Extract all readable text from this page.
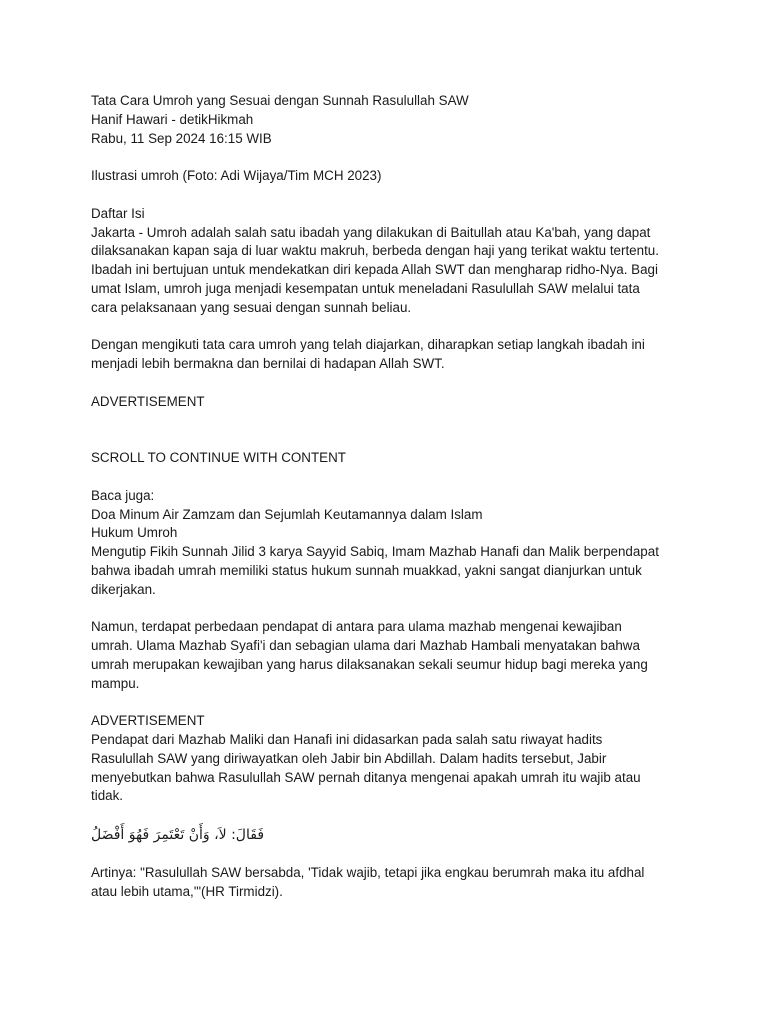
Tata Cara Umroh yang Sesuai dengan Sunnah Rasulullah SAW
Hanif Hawari - detikHikmah
Rabu, 11 Sep 2024 16:15 WIB
Ilustrasi umroh (Foto: Adi Wijaya/Tim MCH 2023)
Daftar Isi
Jakarta - Umroh adalah salah satu ibadah yang dilakukan di Baitullah atau Ka'bah, yang dapat
dilaksanakan kapan saja di luar waktu makruh, berbeda dengan haji yang terikat waktu tertentu.
Ibadah ini bertujuan untuk mendekatkan diri kepada Allah SWT dan mengharap ridho-Nya. Bagi
umat Islam, umroh juga menjadi kesempatan untuk meneladani Rasulullah SAW melalui tata
cara pelaksanaan yang sesuai dengan sunnah beliau.
Dengan mengikuti tata cara umroh yang telah diajarkan, diharapkan setiap langkah ibadah ini
menjadi lebih bermakna dan bernilai di hadapan Allah SWT.
ADVERTISEMENT
SCROLL TO CONTINUE WITH CONTENT
Baca juga:
Doa Minum Air Zamzam dan Sejumlah Keutamannya dalam Islam
Hukum Umroh
Mengutip Fikih Sunnah Jilid 3 karya Sayyid Sabiq, Imam Mazhab Hanafi dan Malik berpendapat
bahwa ibadah umrah memiliki status hukum sunnah muakkad, yakni sangat dianjurkan untuk
dikerjakan.
Namun, terdapat perbedaan pendapat di antara para ulama mazhab mengenai kewajiban
umrah. Ulama Mazhab Syafi'i dan sebagian ulama dari Mazhab Hambali menyatakan bahwa
umrah merupakan kewajiban yang harus dilaksanakan sekali seumur hidup bagi mereka yang
mampu.
ADVERTISEMENT
Pendapat dari Mazhab Maliki dan Hanafi ini didasarkan pada salah satu riwayat hadits
Rasulullah SAW yang diriwayatkan oleh Jabir bin Abdillah. Dalam hadits tersebut, Jabir
menyebutkan bahwa Rasulullah SAW pernah ditanya mengenai apakah umrah itu wajib atau
tidak.
فَقَالَ: لاَ، وَأَنْ تَعْتَمِرَ فَهُوَ أَفْضَلُ
Artinya: "Rasulullah SAW bersabda, 'Tidak wajib, tetapi jika engkau berumrah maka itu afdhal
atau lebih utama,'"(HR Tirmidzi).
